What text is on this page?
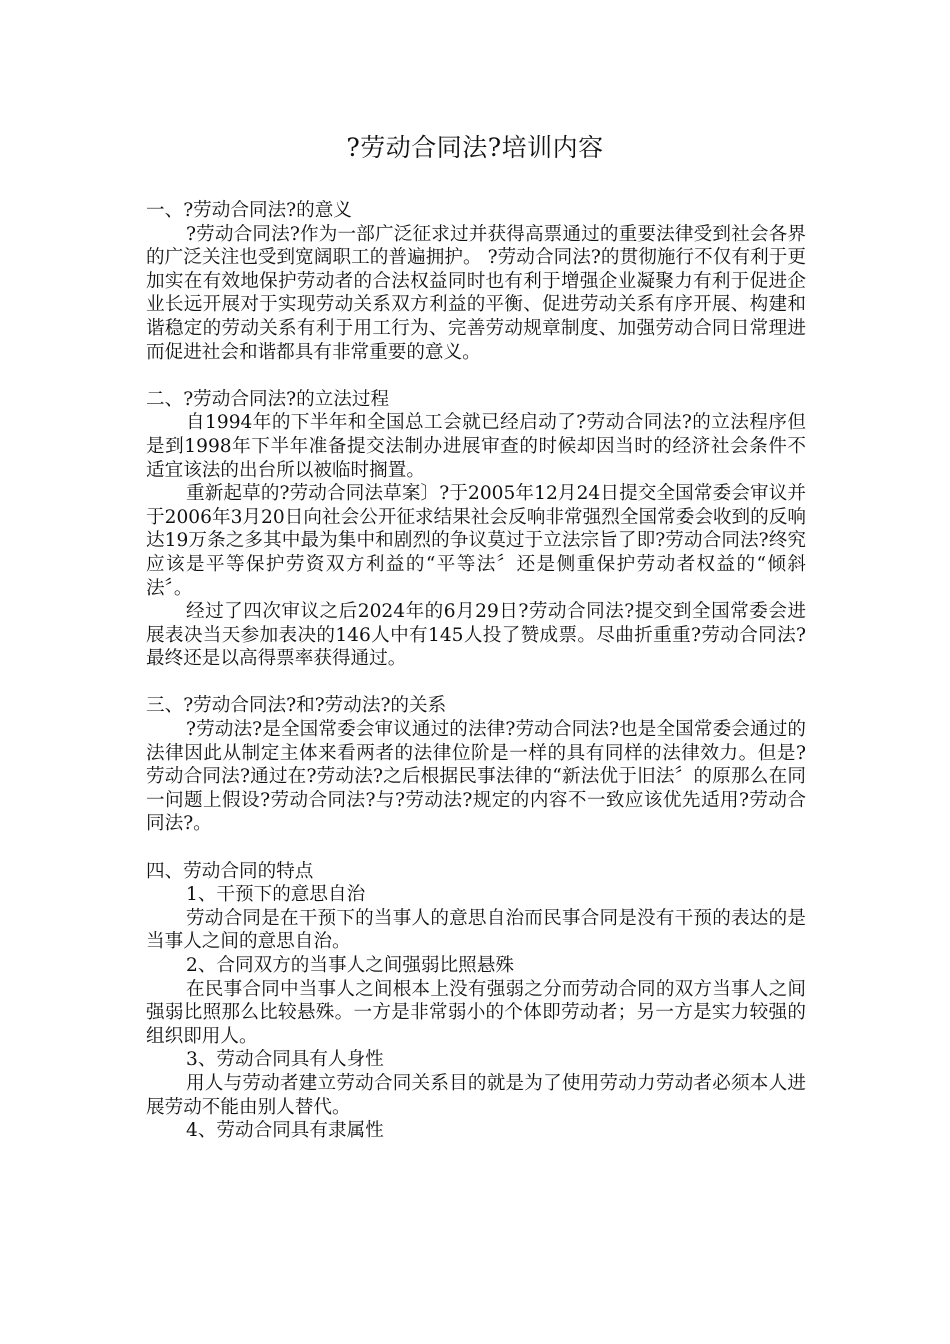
?劳动合同法?培训内容

一、?劳动合同法?的意义

?劳动合同法?作为一部广泛征求过并获得高票通过的重要法律受到社会各界的广泛关注也受到宽阔职工的普遍拥护。 ?劳动合同法?的贯彻施行不仅有利于更加实在有效地保护劳动者的合法权益同时也有利于增强企业凝聚力有利于促进企业长远开展对于实现劳动关系双方利益的平衡、促进劳动关系有序开展、构建和谐稳定的劳动关系有利于用工行为、完善劳动规章制度、加强劳动合同日常理进而促进社会和谐都具有非常重要的意义。

二、?劳动合同法?的立法过程

自1994年的下半年和全国总工会就已经启动了?劳动合同法?的立法程序但是到1998年下半年准备提交法制办进展审查的时候却因当时的经济社会条件不适宜该法的出台所以被临时搁置。

重新起草的?劳动合同法草案〕?于2005年12月24日提交全国常委会审议并于2006年3月20日向社会公开征求结果社会反响非常强烈全国常委会收到的反响达19万条之多其中最为集中和剧烈的争议莫过于立法宗旨了即?劳动合同法?终究应该是平等保护劳资双方利益的“平等法〞还是侧重保护劳动者权益的“倾斜法〞。

经过了四次审议之后2024年的6月29日?劳动合同法?提交到全国常委会进展表决当天参加表决的146人中有145人投了赞成票。尽曲折重重?劳动合同法?最终还是以高得票率获得通过。

三、?劳动合同法?和?劳动法?的关系

?劳动法?是全国常委会审议通过的法律?劳动合同法?也是全国常委会通过的法律因此从制定主体来看两者的法律位阶是一样的具有同样的法律效力。但是?劳动合同法?通过在?劳动法?之后根据民事法律的“新法优于旧法〞的原那么在同一问题上假设?劳动合同法?与?劳动法?规定的内容不一致应该优先适用?劳动合同法?。

四、劳动合同的特点

1、干预下的意思自治

劳动合同是在干预下的当事人的意思自治而民事合同是没有干预的表达的是当事人之间的意思自治。

2、合同双方的当事人之间强弱比照悬殊

在民事合同中当事人之间根本上没有强弱之分而劳动合同的双方当事人之间强弱比照那么比较悬殊。一方是非常弱小的个体即劳动者；另一方是实力较强的组织即用人。

3、劳动合同具有人身性

用人与劳动者建立劳动合同关系目的就是为了使用劳动力劳动者必须本人进展劳动不能由别人替代。

4、劳动合同具有隶属性
